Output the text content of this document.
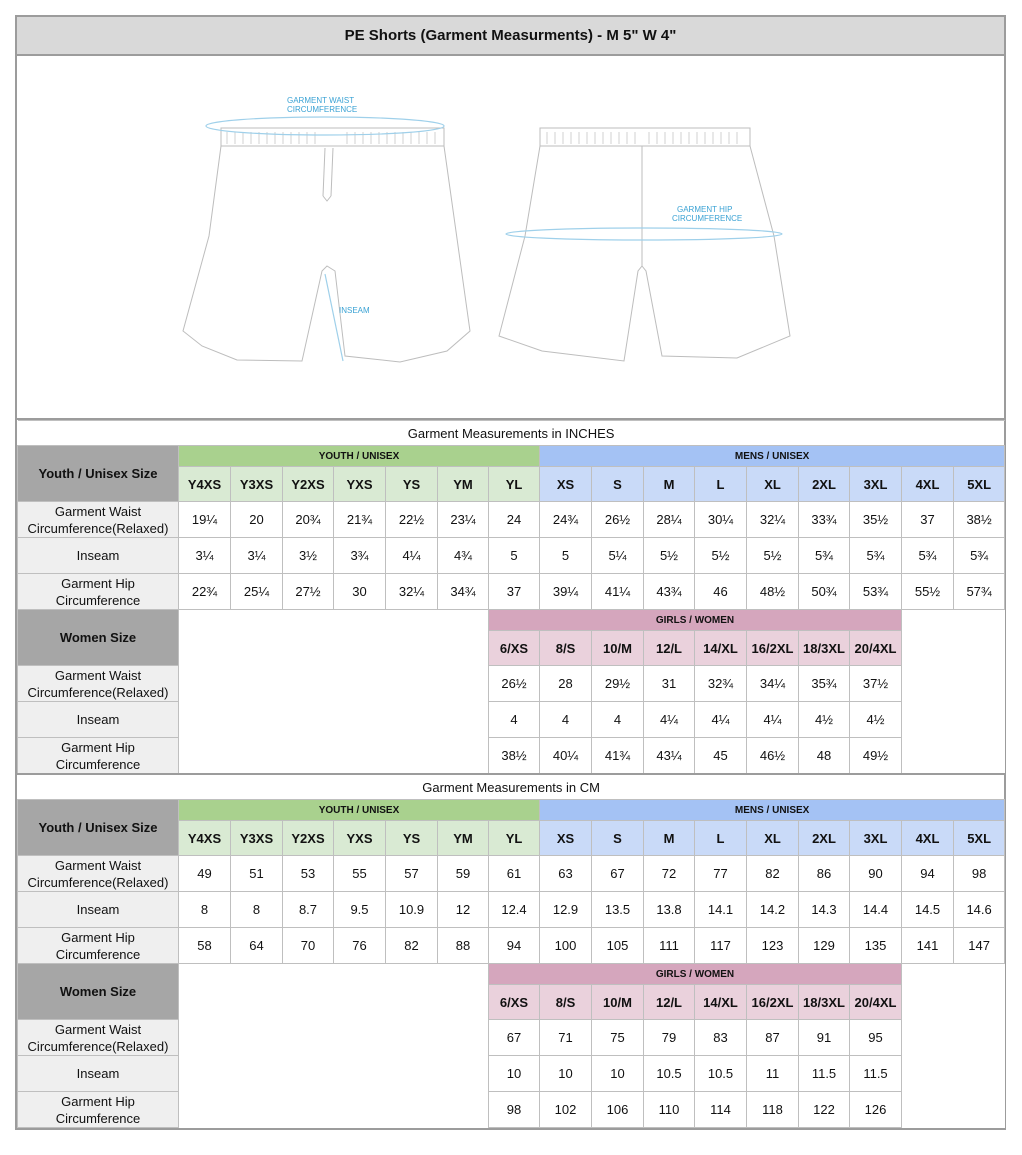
PE Shorts (Garment Measurments) - M 5" W 4"
GARMENT WAIST
CIRCUMFERENCE
INSEAM
GARMENT HIP
CIRCUMFERENCE
Garment Measurements in INCHES																
Youth / Unisex Size	YOUTH / UNISEX							MENS / UNISEX								
	Y4XS	Y3XS	Y2XS	YXS	YS	YM	YL	XS	S	M	L	XL	2XL	3XL	4XL	5XL
Garment Waist Circumference(Relaxed)	19¼	20	20¾	21¾	22½	23¼	24	24¾	26½	28¼	30¼	32¼	33¾	35½	37	38½
Inseam	3¼	3¼	3½	3¾	4¼	4¾	5	5	5¼	5½	5½	5½	5¾	5¾	5¾	5¾
Garment Hip Circumference	22¾	25¼	27½	30	32¼	34¾	37	39¼	41¼	43¾	46	48½	50¾	53¾	55½	57¾
Women Size							GIRLS / WOMEN									
							6/XS	8/S	10/M	12/L	14/XL	16/2XL	18/3XL	20/4XL		
Garment Waist Circumference(Relaxed)							26½	28	29½	31	32¾	34¼	35¾	37½		
Inseam							4	4	4	4¼	4¼	4¼	4½	4½		
Garment Hip Circumference							38½	40¼	41¾	43¼	45	46½	48	49½		
Garment Measurements in CM																
Youth / Unisex Size	YOUTH / UNISEX							MENS / UNISEX								
	Y4XS	Y3XS	Y2XS	YXS	YS	YM	YL	XS	S	M	L	XL	2XL	3XL	4XL	5XL
Garment Waist Circumference(Relaxed)	49	51	53	55	57	59	61	63	67	72	77	82	86	90	94	98
Inseam	8	8	8.7	9.5	10.9	12	12.4	12.9	13.5	13.8	14.1	14.2	14.3	14.4	14.5	14.6
Garment Hip Circumference	58	64	70	76	82	88	94	100	105	111	117	123	129	135	141	147
Women Size							GIRLS / WOMEN									
							6/XS	8/S	10/M	12/L	14/XL	16/2XL	18/3XL	20/4XL		
Garment Waist Circumference(Relaxed)							67	71	75	79	83	87	91	95		
Inseam							10	10	10	10.5	10.5	11	11.5	11.5		
Garment Hip Circumference							98	102	106	110	114	118	122	126		
